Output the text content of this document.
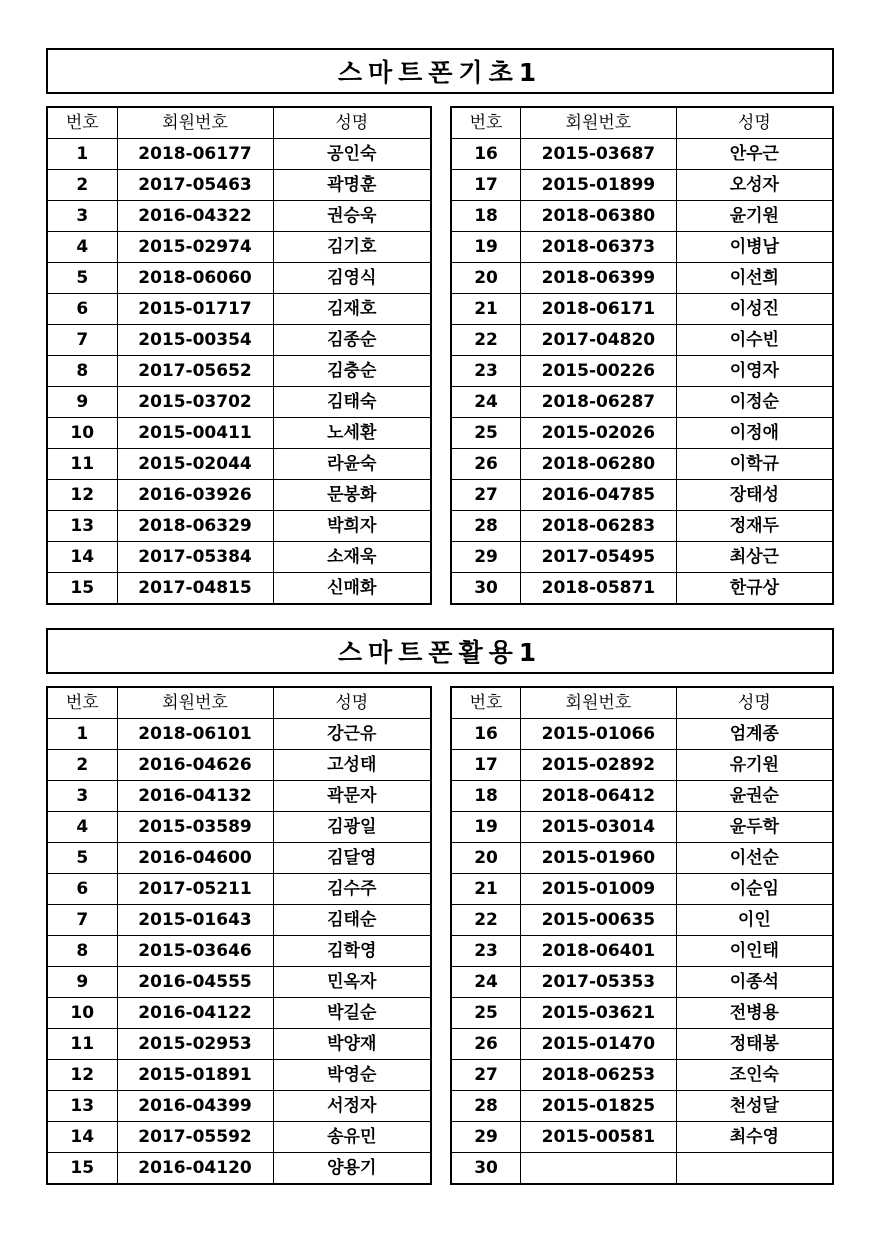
스마트폰기초1
번호	회원번호	성명
1	2018-06177	공인숙
2	2017-05463	곽명훈
3	2016-04322	권승욱
4	2015-02974	김기호
5	2018-06060	김영식
6	2015-01717	김재호
7	2015-00354	김종순
8	2017-05652	김충순
9	2015-03702	김태숙
10	2015-00411	노세환
11	2015-02044	라윤숙
12	2016-03926	문봉화
13	2018-06329	박희자
14	2017-05384	소재욱
15	2017-04815	신매화
번호	회원번호	성명
16	2015-03687	안우근
17	2015-01899	오성자
18	2018-06380	윤기원
19	2018-06373	이병남
20	2018-06399	이선희
21	2018-06171	이성진
22	2017-04820	이수빈
23	2015-00226	이영자
24	2018-06287	이정순
25	2015-02026	이정애
26	2018-06280	이학규
27	2016-04785	장태성
28	2018-06283	정재두
29	2017-05495	최상근
30	2018-05871	한규상
스마트폰활용1
번호	회원번호	성명
1	2018-06101	강근유
2	2016-04626	고성태
3	2016-04132	곽문자
4	2015-03589	김광일
5	2016-04600	김달영
6	2017-05211	김수주
7	2015-01643	김태순
8	2015-03646	김학영
9	2016-04555	민옥자
10	2016-04122	박길순
11	2015-02953	박양재
12	2015-01891	박영순
13	2016-04399	서정자
14	2017-05592	송유민
15	2016-04120	양용기
번호	회원번호	성명
16	2015-01066	엄계종
17	2015-02892	유기원
18	2018-06412	윤권순
19	2015-03014	윤두학
20	2015-01960	이선순
21	2015-01009	이순임
22	2015-00635	이인
23	2018-06401	이인태
24	2017-05353	이종석
25	2015-03621	전병용
26	2015-01470	정태봉
27	2018-06253	조인숙
28	2015-01825	천성달
29	2015-00581	최수영
30		
